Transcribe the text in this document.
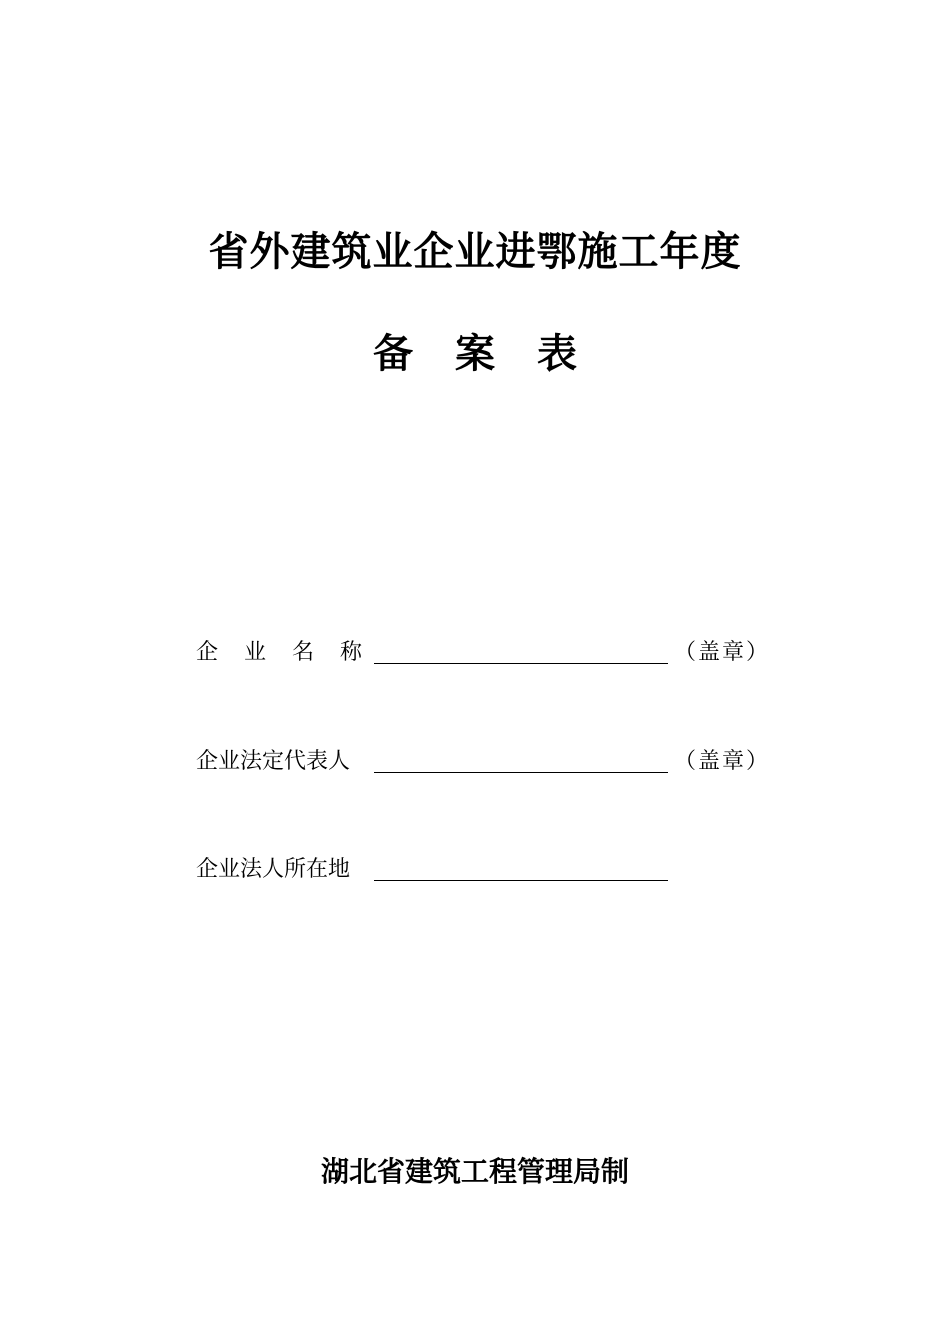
省外建筑业企业进鄂施工年度
备案表
企业名称	（盖章）
企业法定代表人	（盖章）
企业法人所在地
湖北省建筑工程管理局制
